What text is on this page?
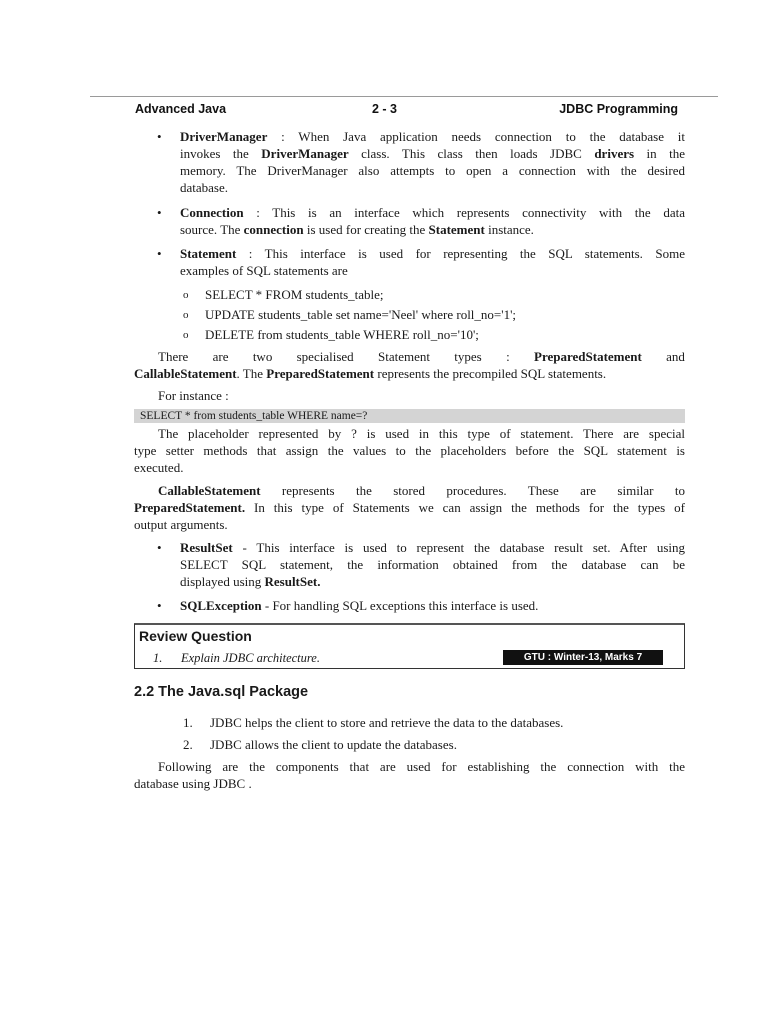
Advanced Java	2 - 3	JDBC Programming
• DriverManager : When Java application needs connection to the database it
invokes the DriverManager class. This class then loads JDBC drivers in the
memory. The DriverManager also attempts to open a connection with the desired
database.
• Connection : This is an interface which represents connectivity with the data
source. The connection is used for creating the Statement instance.
• Statement : This interface is used for representing the SQL statements. Some
examples of SQL statements are
o SELECT * FROM students_table;
o UPDATE students_table set name='Neel' where roll_no='1';
o DELETE from students_table WHERE roll_no='10';
There are two specialised Statement types : PreparedStatement and
CallableStatement. The PreparedStatement represents the precompiled SQL statements.
For instance :
SELECT * from students_table WHERE name=?
The placeholder represented by ? is used in this type of statement. There are special
type setter methods that assign the values to the placeholders before the SQL statement is
executed.
CallableStatement represents the stored procedures. These are similar to
PreparedStatement. In this type of Statements we can assign the methods for the types of
output arguments.
• ResultSet - This interface is used to represent the database result set. After using
SELECT SQL statement, the information obtained from the database can be
displayed using ResultSet.
• SQLException - For handling SQL exceptions this interface is used.
Review Question
1. Explain JDBC architecture.	GTU : Winter-13, Marks 7
2.2 The Java.sql Package
1. JDBC helps the client to store and retrieve the data to the databases.
2. JDBC allows the client to update the databases.
Following are the components that are used for establishing the connection with the
database using JDBC .
